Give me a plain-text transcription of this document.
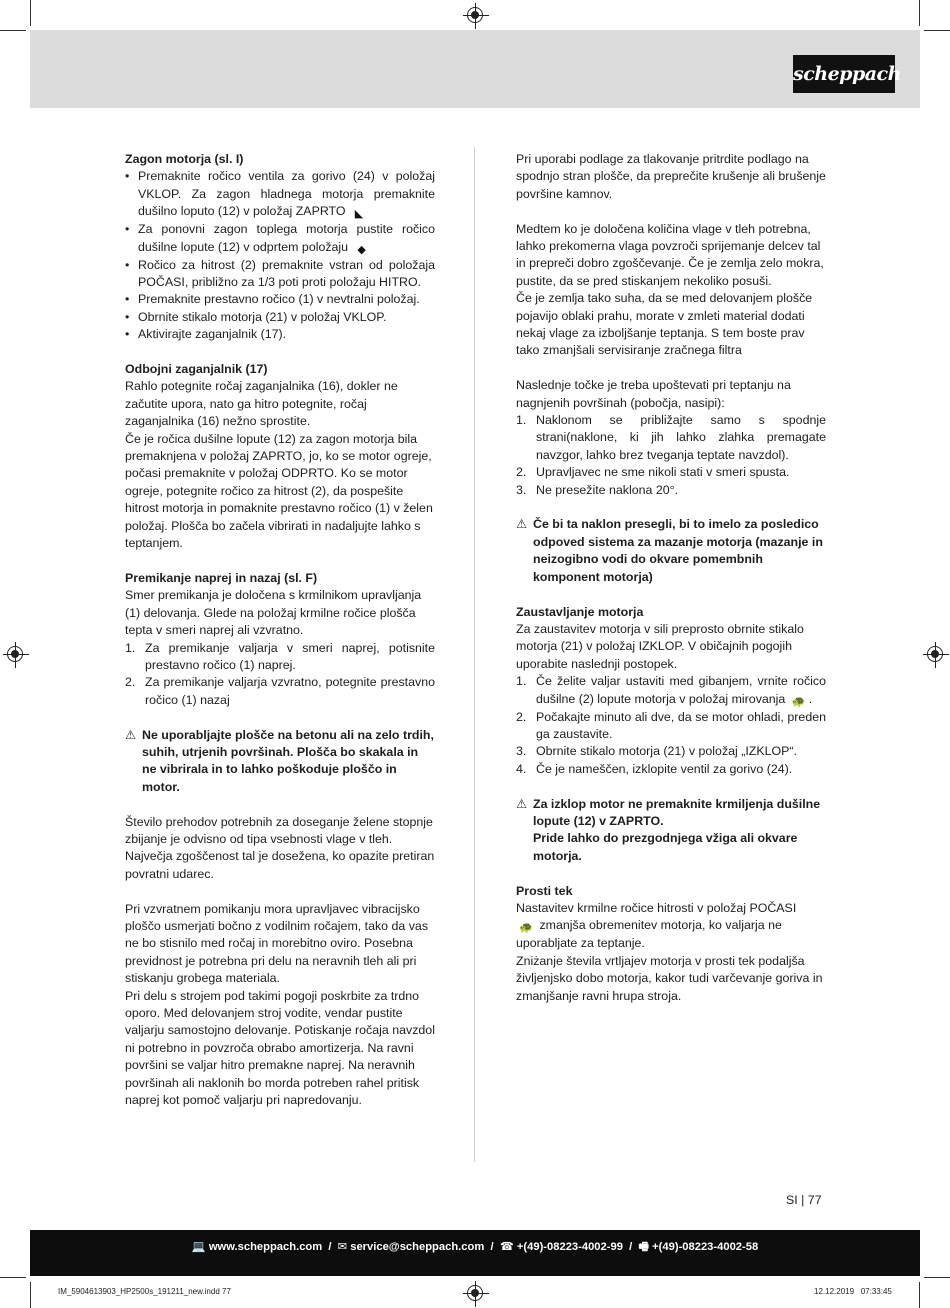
scheppach
Zagon motorja (sl. I)
• Premaknite ročico ventila za gorivo (24) v položaj VKLOP. Za zagon hladnega motorja premaknite dušilno loputo (12) v položaj ZAPRTO ◣
• Za ponovni zagon toplega motorja pustite ročico dušilne lopute (12) v odprtem položaju ◆
• Ročico za hitrost (2) premaknite vstran od položaja POČASI, približno za 1/3 poti proti položaju HITRO.
• Premaknite prestavno ročico (1) v nevtralni položaj.
• Obrnite stikalo motorja (21) v položaj VKLOP.
• Aktivirajte zaganjalnik (17).
Odbojni zaganjalnik (17)

Rahlo potegnite ročaj zaganjalnika (16), dokler ne začutite upora, nato ga hitro potegnite, ročaj zaganjalnika (16) nežno sprostite.

Če je ročica dušilne lopute (12) za zagon motorja bila premaknjena v položaj ZAPRTO, jo, ko se motor ogreje, počasi premaknite v položaj ODPRTO. Ko se motor ogreje, potegnite ročico za hitrost (2), da pospešite hitrost motorja in pomaknite prestavno ročico (1) v želen položaj. Plošča bo začela vibrirati in nadaljujte lahko s teptanjem.

Premikanje naprej in nazaj (sl. F)

Smer premikanja je določena s krmilnikom upravljanja (1) delovanja. Glede na položaj krmilne ročice plošča tepta v smeri naprej ali vzvratno.

1. Za premikanje valjarja v smeri naprej, potisnite prestavno ročico (1) naprej.
2. Za premikanje valjarja vzvratno, potegnite prestavno ročico (1) nazaj

⚠ Ne uporabljajte plošče na betonu ali na zelo trdih, suhih, utrjenih površinah. Plošča bo skakala in ne vibrirala in to lahko poškoduje ploščo in motor.

Število prehodov potrebnih za doseganje želene stopnje zbijanje je odvisno od tipa vsebnosti vlage v tleh. Največja zgoščenost tal je dosežena, ko opazite pretiran povratni udarec.

Pri vzvratnem pomikanju mora upravljavec vibracijsko ploščo usmerjati bočno z vodilnim ročajem, tako da vas ne bo stisnilo med ročaj in morebitno oviro. Posebna previdnost je potrebna pri delu na neravnih tleh ali pri stiskanju grobega materiala.

Pri delu s strojem pod takimi pogoji poskrbite za trdno oporo. Med delovanjem stroj vodite, vendar pustite valjarju samostojno delovanje. Potiskanje ročaja navzdol ni potrebno in povzroča obrabo amortizerja. Na ravni površini se valjar hitro premakne naprej. Na neravnih površinah ali naklonih bo morda potreben rahel pritisk naprej kot pomoč valjarju pri napredovanju.

Pri uporabi podlage za tlakovanje pritrdite podlago na spodnjo stran plošče, da preprečite krušenje ali brušenje površine kamnov.

Medtem ko je določena količina vlage v tleh potrebna, lahko prekomerna vlaga povzroči sprijemanje delcev tal in prepreči dobro zgoščevanje. Če je zemlja zelo mokra, pustite, da se pred stiskanjem nekoliko posuši.

Če je zemlja tako suha, da se med delovanjem plošče pojavijo oblaki prahu, morate v zmleti material dodati nekaj vlage za izboljšanje teptanja. S tem boste prav tako zmanjšali servisiranje zračnega filtra

Naslednje točke je treba upoštevati pri teptanju na nagnjenih površinah (pobočja, nasipi):

1. Naklonom se približajte samo s spodnje strani(naklone, ki jih lahko zlahka premagate navzgor, lahko brez tveganja teptate navzdol).
2. Upravljavec ne sme nikoli stati v smeri spusta.
3. Ne presežite naklona 20°.

⚠ Če bi ta naklon presegli, bi to imelo za posledico odpoved sistema za mazanje motorja (mazanje in neizogibno vodi do okvare pomembnih komponent motorja)

Zaustavljanje motorja

Za zaustavitev motorja v sili preprosto obrnite stikalo motorja (21) v položaj IZKLOP. V običajnih pogojih uporabite naslednji postopek.

1. Če želite valjar ustaviti med gibanjem, vrnite ročico dušilne (2) lopute motorja v položaj mirovanja 🐢 .
2. Počakajte minuto ali dve, da se motor ohladi, preden ga zaustavite.
3. Obrnite stikalo motorja (21) v položaj „IZKLOP“.
4. Če je nameščen, izklopite ventil za gorivo (24).

⚠ Za izklop motor ne premaknite krmiljenja dušilne lopute (12) v ZAPRTO.
Pride lahko do prezgodnjega vžiga ali okvare motorja.

Prosti tek

Nastavitev krmilne ročice hitrosti v položaj POČASI
🐢 zmanjša obremenitev motorja, ko valjarja ne uporabljate za teptanje.

Zniżanje števila vrtljajev motorja v prosti tek podaljša življenjsko dobo motorja, kakor tudi varčevanje goriva in zmanjšanje ravni hrupa stroja.

SI | 77
💻 www.scheppach.com  /  ✉ service@scheppach.com  /  ☎ +(49)-08223-4002-99  /  🖷 +(49)-08223-4002-58
IM_5904613903_HP2500s_191211_new.indd 77	12.12.2019   07:33:45
